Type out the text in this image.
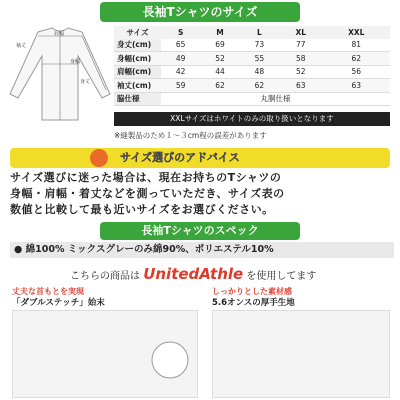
長袖Tシャツのサイズ
袖丈
身幅
身丈
肩幅	サイズ	S	M	L	XL	XXL
身丈(cm)	65	69	73	77	81
身幅(cm)	49	52	55	58	62
肩幅(cm)	42	44	48	52	56
袖丈(cm)	59	62	62	63	63
脇仕様	丸胴仕様				
XXLサイズはホワイトのみの取り扱いとなります
※縫製品のため１～３cm程の誤差があります
サイズ選びのアドバイス
サイズ選びに迷った場合は、現在お持ちのTシャツの
身幅・肩幅・着丈などを測っていただき、サイズ表の
数値と比較して最も近いサイズをお選びください。
長袖Tシャツのスペック
● 綿100% ミックスグレーのみ綿90%、ポリエステル10%
こちらの商品は UnitedAthle を使用してます
丈夫な首もとを実現
「ダブルステッチ」始末
しっかりとした素材感
5.6オンスの厚手生地
